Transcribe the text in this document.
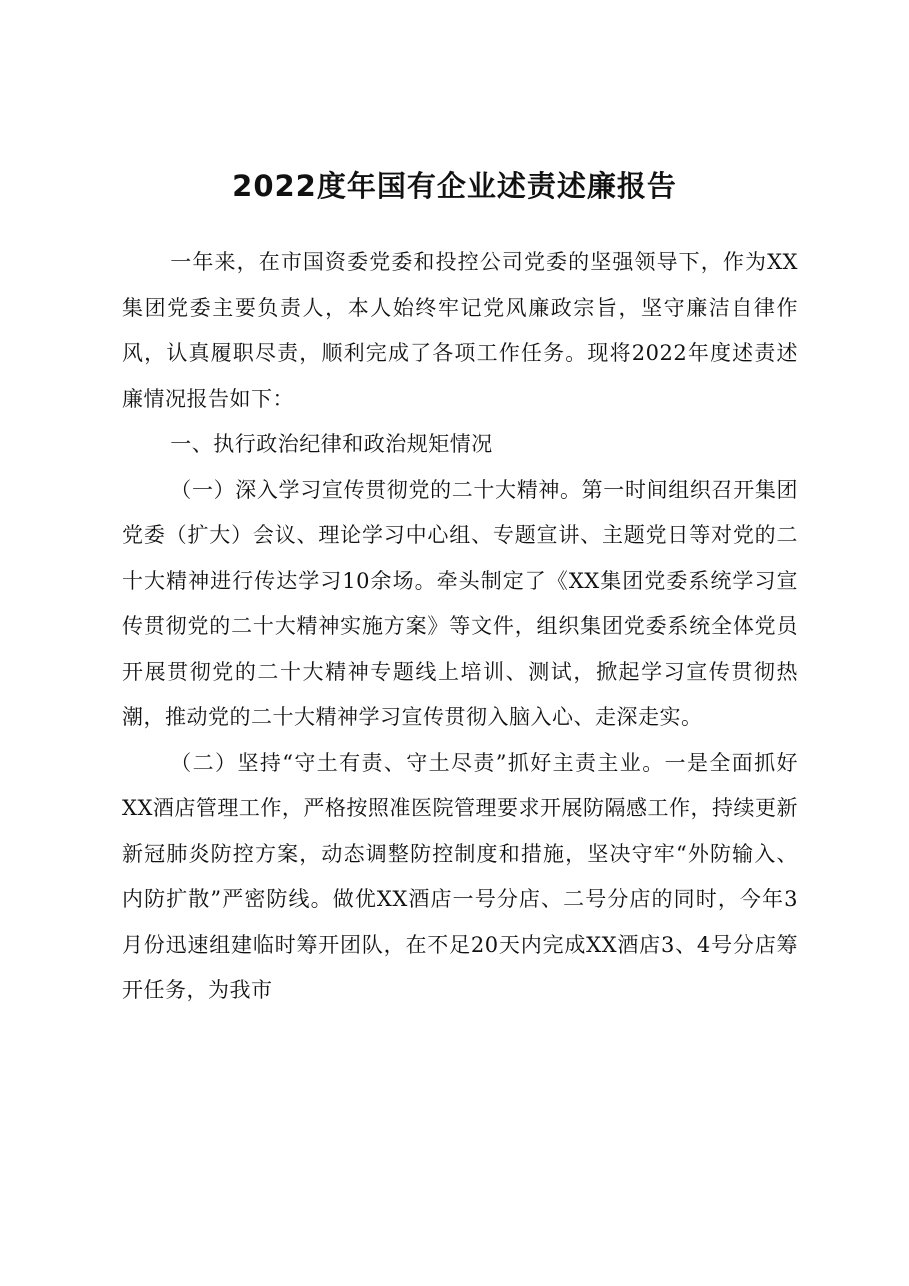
2022度年国有企业述责述廉报告

一年来，在市国资委党委和投控公司党委的坚强领导下，作为XX集团党委主要负责人，本人始终牢记党风廉政宗旨，坚守廉洁自律作风，认真履职尽责，顺利完成了各项工作任务。现将2022年度述责述廉情况报告如下：

一、执行政治纪律和政治规矩情况

（一）深入学习宣传贯彻党的二十大精神。第一时间组织召开集团党委（扩大）会议、理论学习中心组、专题宣讲、主题党日等对党的二十大精神进行传达学习10余场。牵头制定了《XX集团党委系统学习宣传贯彻党的二十大精神实施方案》等文件，组织集团党委系统全体党员开展贯彻党的二十大精神专题线上培训、测试，掀起学习宣传贯彻热潮，推动党的二十大精神学习宣传贯彻入脑入心、走深走实。

（二）坚持“守土有责、守土尽责”抓好主责主业。一是全面抓好XX酒店管理工作，严格按照准医院管理要求开展防隔感工作，持续更新新冠肺炎防控方案，动态调整防控制度和措施，坚决守牢“外防输入、内防扩散”严密防线。做优XX酒店一号分店、二号分店的同时，今年3月份迅速组建临时筹开团队，在不足20天内完成XX酒店3、4号分店筹开任务，为我市
